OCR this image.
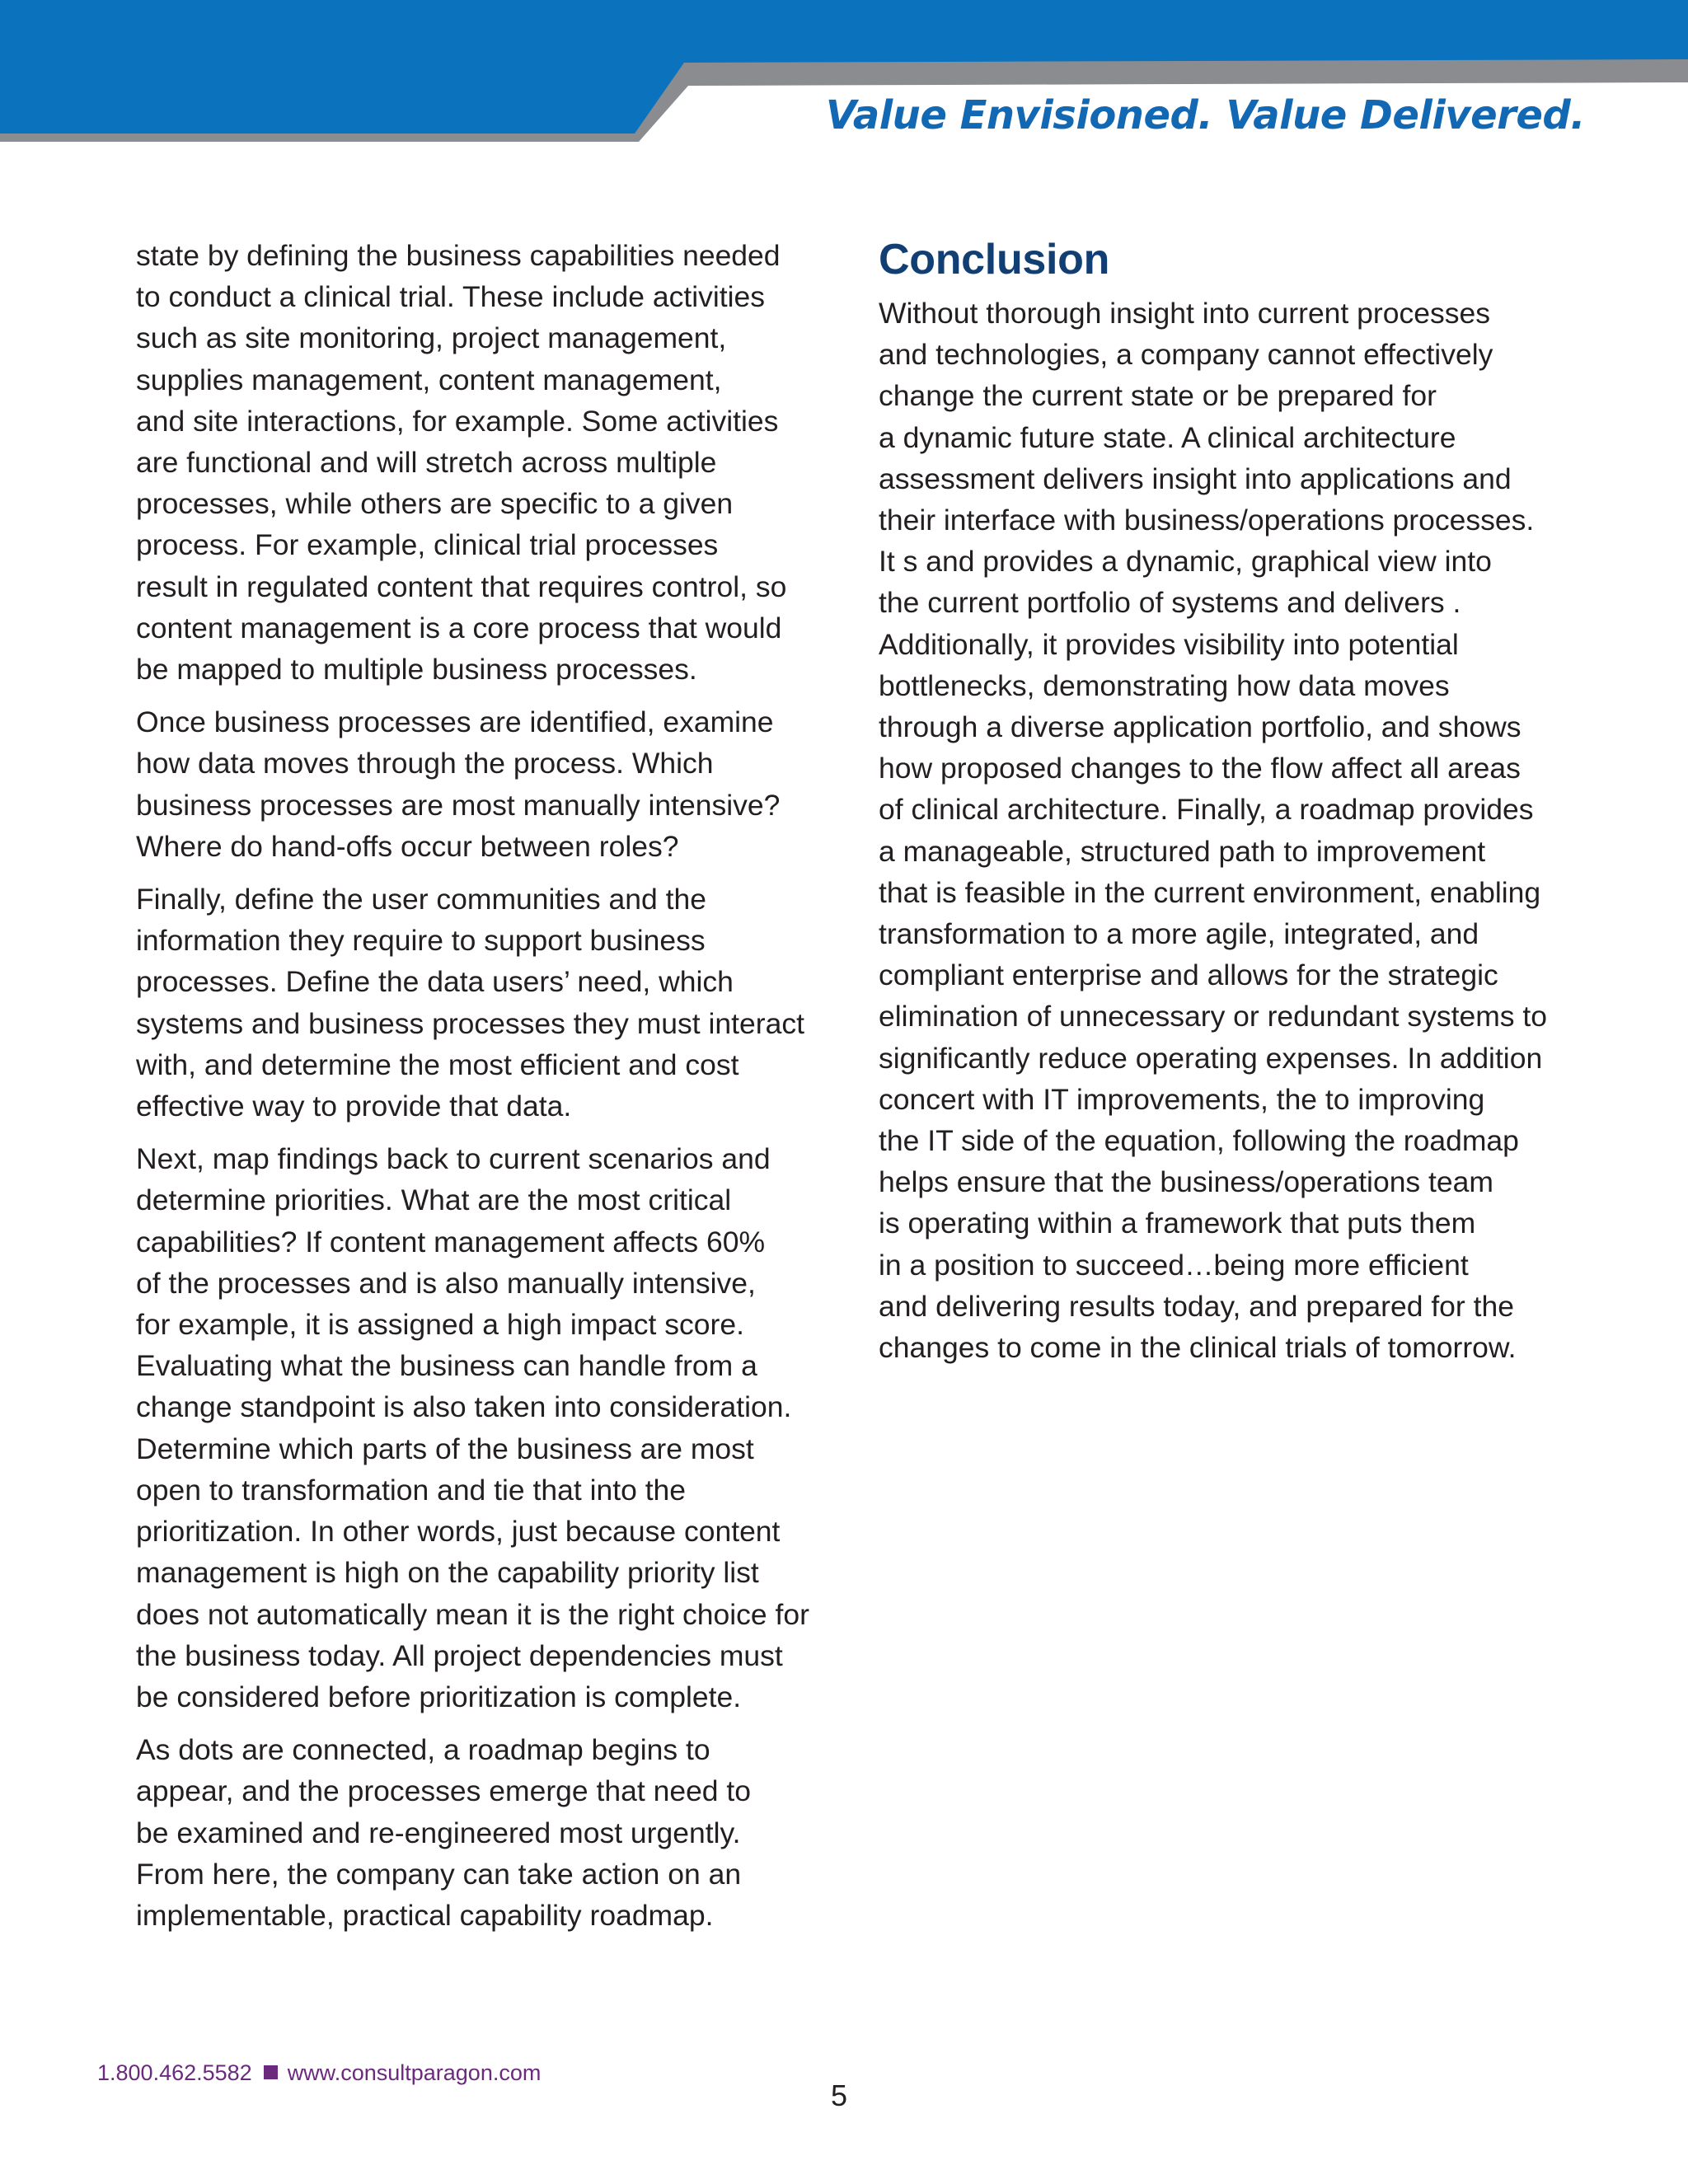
Value Envisioned. Value Delivered.

state by defining the business capabilities needed
to conduct a clinical trial. These include activities
such as site monitoring, project management,
supplies management, content management,
and site interactions, for example. Some activities
are functional and will stretch across multiple
processes, while others are specific to a given
process. For example, clinical trial processes
result in regulated content that requires control, so
content management is a core process that would
be mapped to multiple business processes.

Once business processes are identified, examine
how data moves through the process. Which
business processes are most manually intensive?
Where do hand-offs occur between roles?

Finally, define the user communities and the
information they require to support business
processes. Define the data users’ need, which
systems and business processes they must interact
with, and determine the most efficient and cost
effective way to provide that data.

Next, map findings back to current scenarios and
determine priorities. What are the most critical
capabilities? If content management affects 60%
of the processes and is also manually intensive,
for example, it is assigned a high impact score.
Evaluating what the business can handle from a
change standpoint is also taken into consideration.
Determine which parts of the business are most
open to transformation and tie that into the
prioritization. In other words, just because content
management is high on the capability priority list
does not automatically mean it is the right choice for
the business today. All project dependencies must
be considered before prioritization is complete.

As dots are connected, a roadmap begins to
appear, and the processes emerge that need to
be examined and re-engineered most urgently.
From here, the company can take action on an
implementable, practical capability roadmap.

Conclusion

Without thorough insight into current processes
and technologies, a company cannot effectively
change the current state or be prepared for
a dynamic future state. A clinical architecture
assessment delivers insight into applications and
their interface with business/operations processes.
It s and provides a dynamic, graphical view into
the current portfolio of systems and delivers .
Additionally, it provides visibility into potential
bottlenecks, demonstrating how data moves
through a diverse application portfolio, and shows
how proposed changes to the flow affect all areas
of clinical architecture. Finally, a roadmap provides
a manageable, structured path to improvement
that is feasible in the current environment, enabling
transformation to a more agile, integrated, and
compliant enterprise and allows for the strategic
elimination of unnecessary or redundant systems to
significantly reduce operating expenses. In addition
concert with IT improvements, the to improving
the IT side of the equation, following the roadmap
helps ensure that the business/operations team
is operating within a framework that puts them
in a position to succeed…being more efficient
and delivering results today, and prepared for the
changes to come in the clinical trials of tomorrow.

1.800.462.5582 www.consultparagon.com
5
